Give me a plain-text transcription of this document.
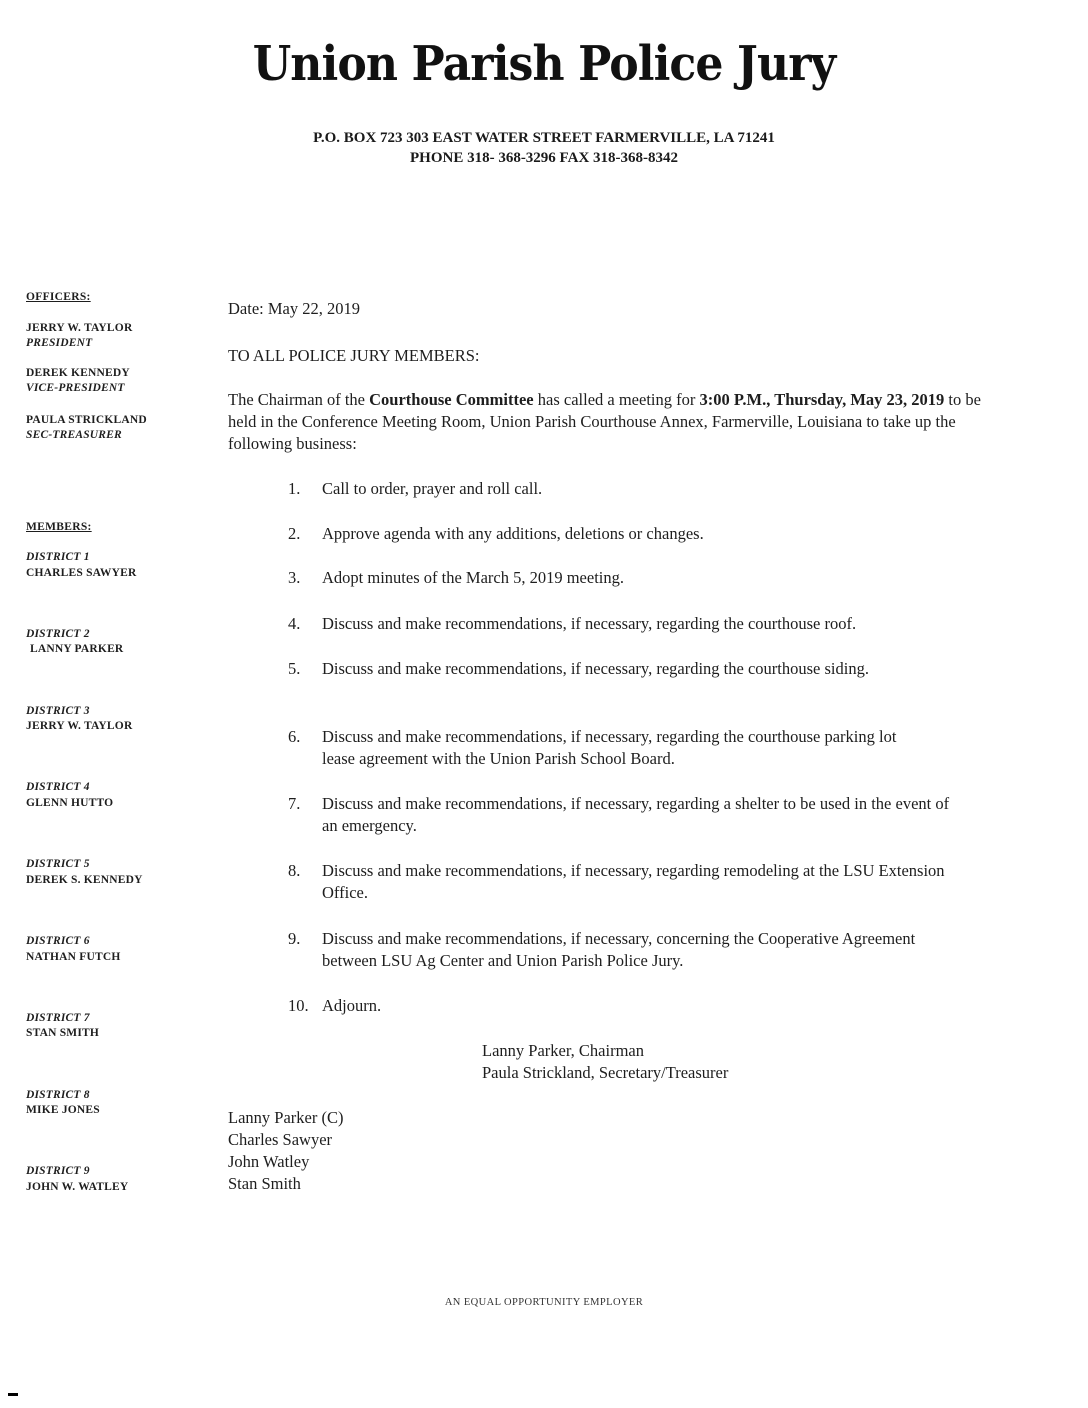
Union Parish Police Jury
P.O. BOX 723 303 EAST WATER STREET FARMERVILLE, LA 71241
PHONE 318- 368-3296 FAX 318-368-8342
OFFICERS:
JERRY W. TAYLOR
PRESIDENT
DEREK KENNEDY
VICE-PRESIDENT
PAULA STRICKLAND
SEC-TREASURER
MEMBERS:
DISTRICT 1
CHARLES SAWYER
DISTRICT 2
LANNY PARKER
DISTRICT 3
JERRY W. TAYLOR
DISTRICT 4
GLENN HUTTO
DISTRICT 5
DEREK S. KENNEDY
DISTRICT 6
NATHAN FUTCH
DISTRICT 7
STAN SMITH
DISTRICT 8
MIKE JONES
DISTRICT 9
JOHN W. WATLEY
Date: May 22, 2019
TO ALL POLICE JURY MEMBERS:
The Chairman of the Courthouse Committee has called a meeting for 3:00 P.M., Thursday, May 23, 2019 to be held in the Conference Meeting Room, Union Parish Courthouse Annex, Farmerville, Louisiana to take up the following business:
1.	Call to order, prayer and roll call.
2.	Approve agenda with any additions, deletions or changes.
3.	Adopt minutes of the March 5, 2019 meeting.
4.	Discuss and make recommendations, if necessary, regarding the courthouse roof.
5.	Discuss and make recommendations, if necessary, regarding the courthouse siding.
6.	Discuss and make recommendations, if necessary, regarding the courthouse parking lot lease agreement with the Union Parish School Board.
7.	Discuss and make recommendations, if necessary, regarding a shelter to be used in the event of an emergency.
8.	Discuss and make recommendations, if necessary, regarding remodeling at the LSU Extension Office.
9.	Discuss and make recommendations, if necessary, concerning the Cooperative Agreement between LSU Ag Center and Union Parish Police Jury.
10. Adjourn.
Lanny Parker, Chairman
Paula Strickland, Secretary/Treasurer
Lanny Parker (C)
Charles Sawyer
John Watley
Stan Smith
AN EQUAL OPPORTUNITY EMPLOYER
